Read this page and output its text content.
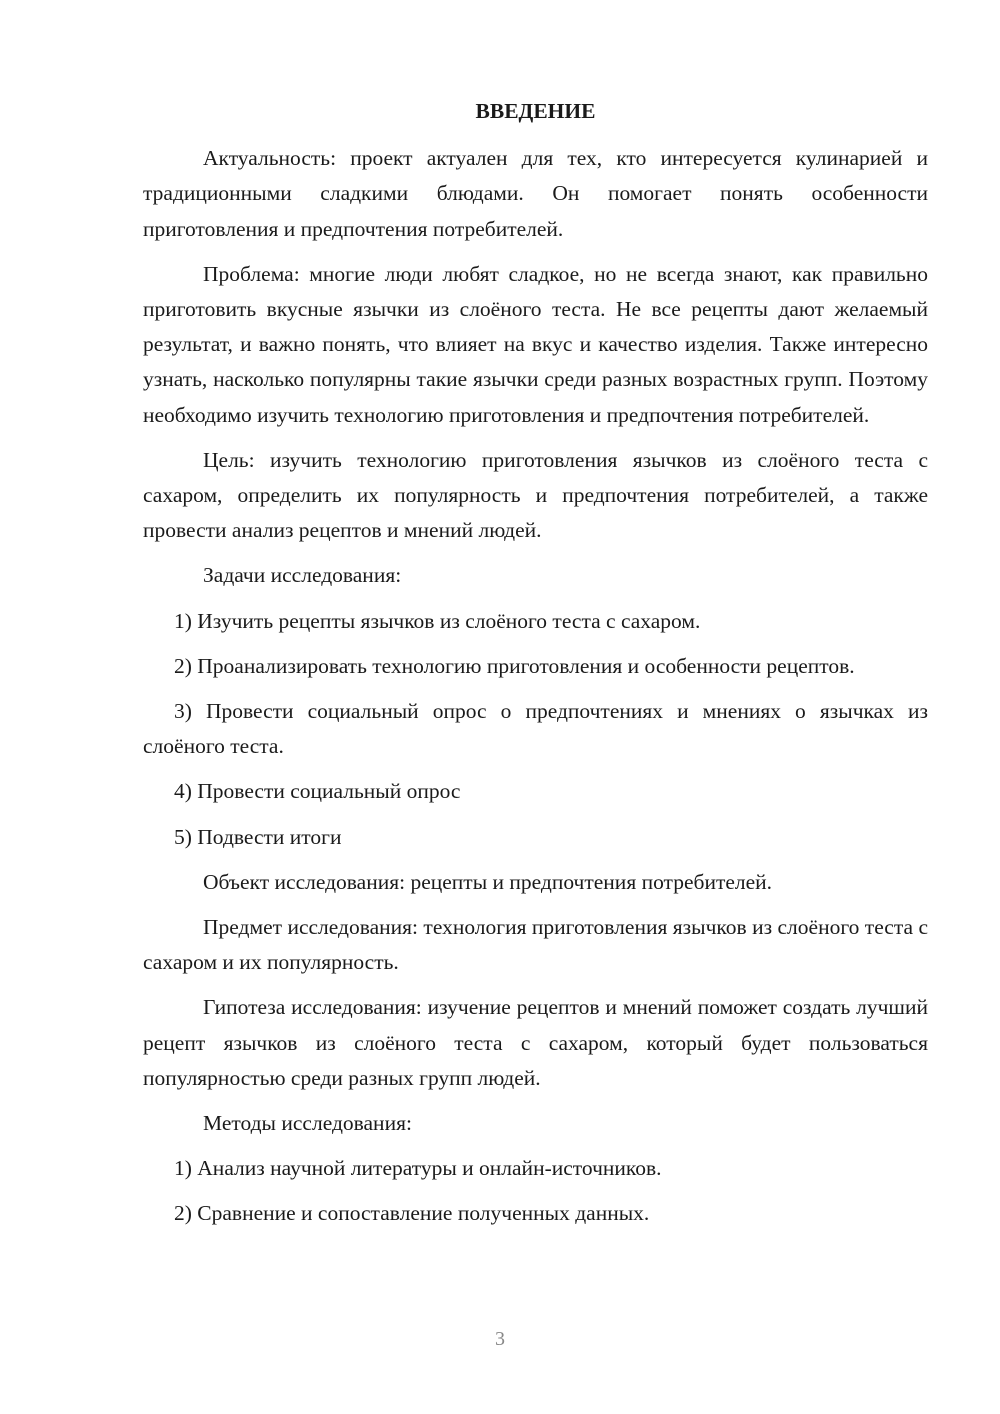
ВВЕДЕНИЕ

Актуальность: проект актуален для тех, кто интересуется кулинарией и традиционными сладкими блюдами. Он помогает понять особенности приготовления и предпочтения потребителей.

Проблема: многие люди любят сладкое, но не всегда знают, как правильно приготовить вкусные язычки из слоёного теста. Не все рецепты дают желаемый результат, и важно понять, что влияет на вкус и качество изделия. Также интересно узнать, насколько популярны такие язычки среди разных возрастных групп. Поэтому необходимо изучить технологию приготовления и предпочтения потребителей.

Цель: изучить технологию приготовления язычков из слоёного теста с сахаром, определить их популярность и предпочтения потребителей, а также провести анализ рецептов и мнений людей.

Задачи исследования:

1) Изучить рецепты язычков из слоёного теста с сахаром.

2) Проанализировать технологию приготовления и особенности рецептов.

3) Провести социальный опрос о предпочтениях и мнениях о язычках из слоёного теста.

4) Провести социальный опрос

5) Подвести итоги

Объект исследования: рецепты и предпочтения потребителей.

Предмет исследования: технология приготовления язычков из слоёного теста с сахаром и их популярность.

Гипотеза исследования: изучение рецептов и мнений поможет создать лучший рецепт язычков из слоёного теста с сахаром, который будет пользоваться популярностью среди разных групп людей.

Методы исследования:

1) Анализ научной литературы и онлайн-источников.

2) Сравнение и сопоставление полученных данных.

3
